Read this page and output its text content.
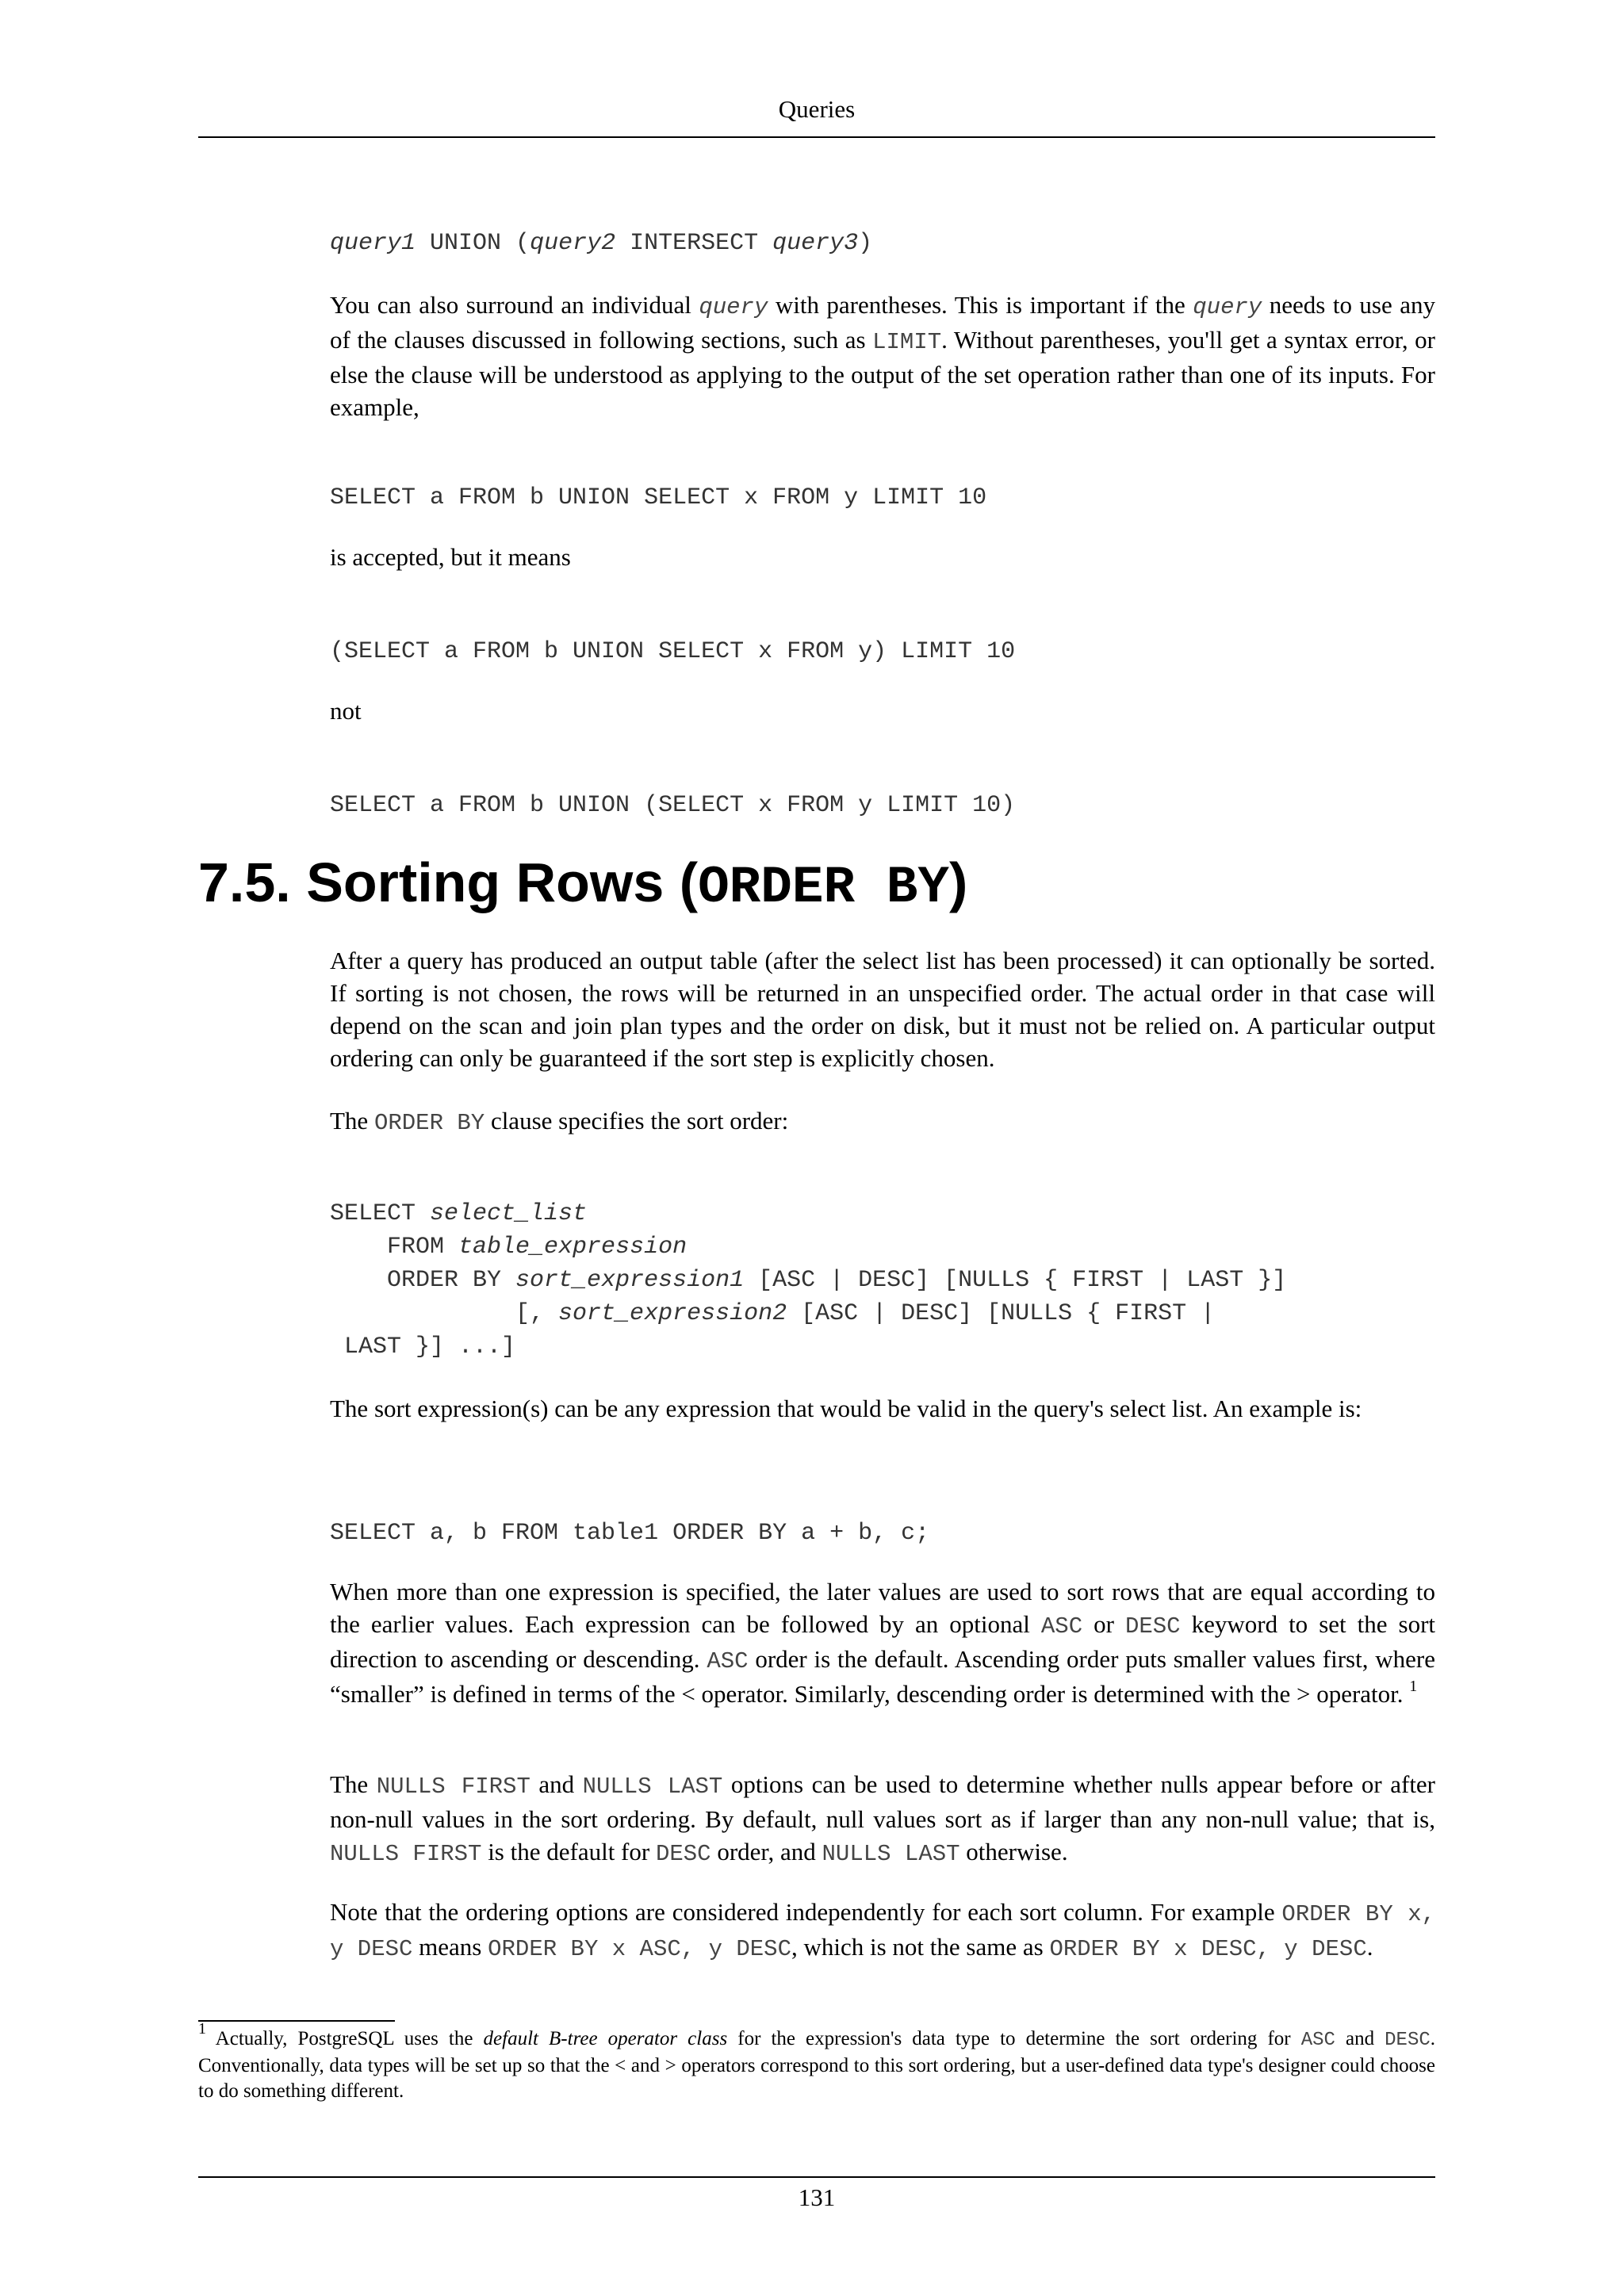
Queries
query1 UNION (query2 INTERSECT query3)

You can also surround an individual query with parentheses. This is important if the query needs to use any of the clauses discussed in following sections, such as LIMIT. Without parentheses, you'll get a syntax error, or else the clause will be understood as applying to the output of the set operation rather than one of its inputs. For example,

SELECT a FROM b UNION SELECT x FROM y LIMIT 10

is accepted, but it means

(SELECT a FROM b UNION SELECT x FROM y) LIMIT 10

not

SELECT a FROM b UNION (SELECT x FROM y LIMIT 10)
7.5. Sorting Rows (ORDER BY)

After a query has produced an output table (after the select list has been processed) it can optionally be sorted. If sorting is not chosen, the rows will be returned in an unspecified order. The actual order in that case will depend on the scan and join plan types and the order on disk, but it must not be relied on. A particular output ordering can only be guaranteed if the sort step is explicitly chosen.

The ORDER BY clause specifies the sort order:

SELECT select_list
FROM table_expression
ORDER BY sort_expression1 [ASC | DESC] [NULLS { FIRST | LAST }]
[, sort_expression2 [ASC | DESC] [NULLS { FIRST |
LAST }] ...]

The sort expression(s) can be any expression that would be valid in the query's select list. An example is:

SELECT a, b FROM table1 ORDER BY a + b, c;

When more than one expression is specified, the later values are used to sort rows that are equal according to the earlier values. Each expression can be followed by an optional ASC or DESC keyword to set the sort direction to ascending or descending. ASC order is the default. Ascending order puts smaller values first, where “smaller” is defined in terms of the < operator. Similarly, descending order is determined with the > operator. $^1$

The NULLS FIRST and NULLS LAST options can be used to determine whether nulls appear before or after non-null values in the sort ordering. By default, null values sort as if larger than any non-null value; that is, NULLS FIRST is the default for DESC order, and NULLS LAST otherwise.

Note that the ordering options are considered independently for each sort column. For example ORDER BY x, y DESC means ORDER BY x ASC, y DESC, which is not the same as ORDER BY x DESC, y DESC.

$^1$ Actually, PostgreSQL uses the default B-tree operator class for the expression's data type to determine the sort ordering for ASC and DESC. Conventionally, data types will be set up so that the < and > operators correspond to this sort ordering, but a user-defined data type's designer could choose to do something different.

131
